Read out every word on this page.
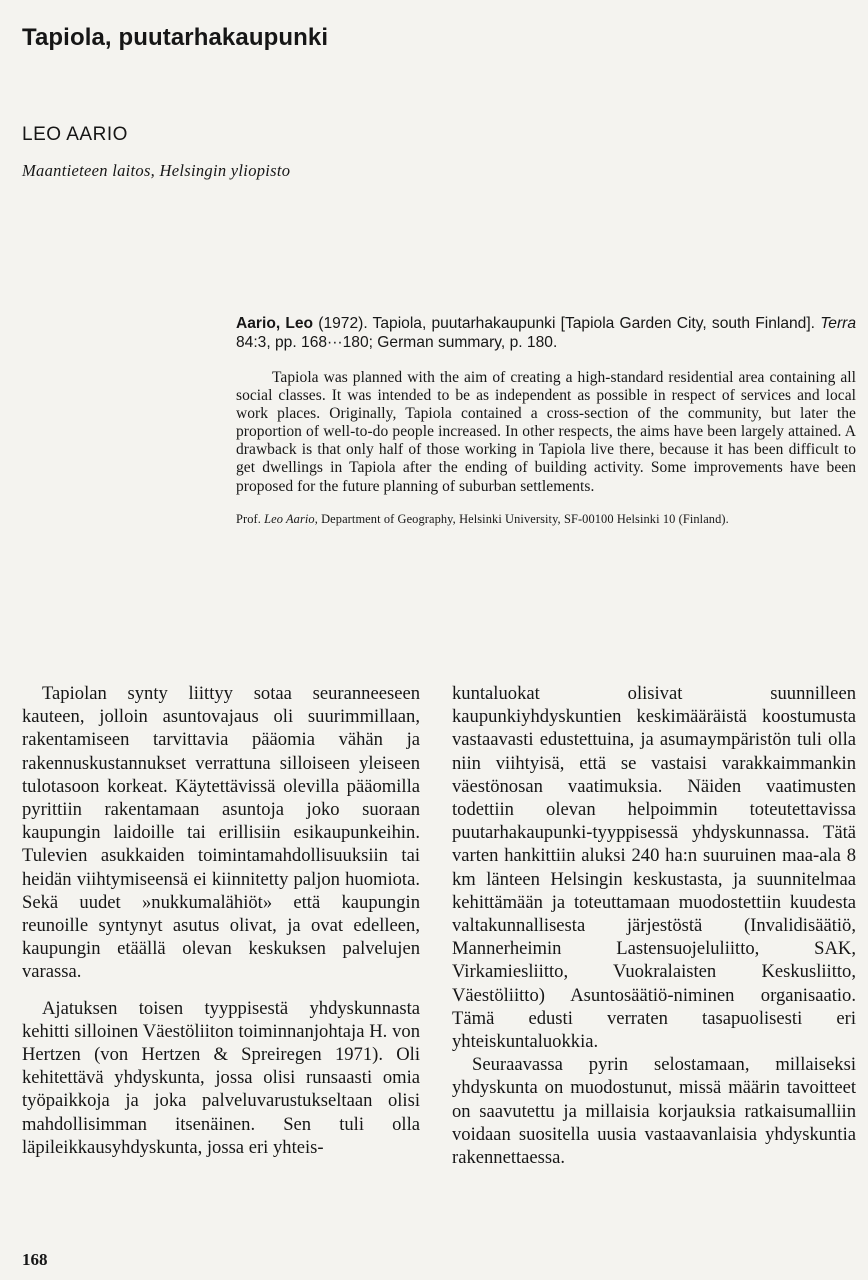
Tapiola, puutarhakaupunki
LEO AARIO

Maantieteen laitos, Helsingin yliopisto

Aario, Leo (1972). Tapiola, puutarhakaupunki [Tapiola Garden City, south Finland]. Terra 84:3, pp. 168···180; German summary, p. 180.

Tapiola was planned with the aim of creating a high-standard residential area containing all social classes. It was intended to be as independent as possible in respect of services and local work places. Originally, Tapiola contained a cross-section of the community, but later the proportion of well-to-do people increased. In other respects, the aims have been largely attained. A drawback is that only half of those working in Tapiola live there, because it has been difficult to get dwellings in Tapiola after the ending of building activity. Some improvements have been proposed for the future planning of suburban settlements.

Prof. Leo Aario, Department of Geography, Helsinki University, SF-00100 Helsinki 10 (Finland).

Tapiolan synty liittyy sotaa seuranneeseen kauteen, jolloin asuntovajaus oli suurimmillaan, rakentamiseen tarvittavia pääomia vähän ja rakennuskustannukset verrattuna silloiseen yleiseen tulotasoon korkeat. Käytettävissä olevilla pääomilla pyrittiin rakentamaan asuntoja joko suoraan kaupungin laidoille tai erillisiin esikaupunkeihin. Tulevien asukkaiden toimintamahdollisuuksiin tai heidän viihtymiseensä ei kiinnitetty paljon huomiota. Sekä uudet »nukkumalähiöt» että kaupungin reunoille syntynyt asutus olivat, ja ovat edelleen, kaupungin etäällä olevan keskuksen palvelujen varassa.

Ajatuksen toisen tyyppisestä yhdyskunnasta kehitti silloinen Väestöliiton toiminnanjohtaja H. von Hertzen (von Hertzen & Spreiregen 1971). Oli kehitettävä yhdyskunta, jossa olisi runsaasti omia työpaikkoja ja joka palveluvarustukseltaan olisi mahdollisimman itsenäinen. Sen tuli olla läpileikkausyhdyskunta, jossa eri yhteis-

kuntaluokat olisivat suunnilleen kaupunkiyhdyskuntien keskimääräistä koostumusta vastaavasti edustettuina, ja asumaympäristön tuli olla niin viihtyisä, että se vastaisi varakkaimmankin väestönosan vaatimuksia. Näiden vaatimusten todettiin olevan helpoimmin toteutettavissa puutarhakaupunki-tyyppisessä yhdyskunnassa. Tätä varten hankittiin aluksi 240 ha:n suuruinen maa-ala 8 km länteen Helsingin keskustasta, ja suunnitelmaa kehittämään ja toteuttamaan muodostettiin kuudesta valtakunnallisesta järjestöstä (Invalidisäätiö, Mannerheimin Lastensuojeluliitto, SAK, Virkamiesliitto, Vuokralaisten Keskusliitto, Väestöliitto) Asuntosäätiö-niminen organisaatio. Tämä edusti verraten tasapuolisesti eri yhteiskuntaluokkia.

Seuraavassa pyrin selostamaan, millaiseksi yhdyskunta on muodostunut, missä määrin tavoitteet on saavutettu ja millaisia korjauksia ratkaisumalliin voidaan suositella uusia vastaavanlaisia yhdyskuntia rakennettaessa.

168
